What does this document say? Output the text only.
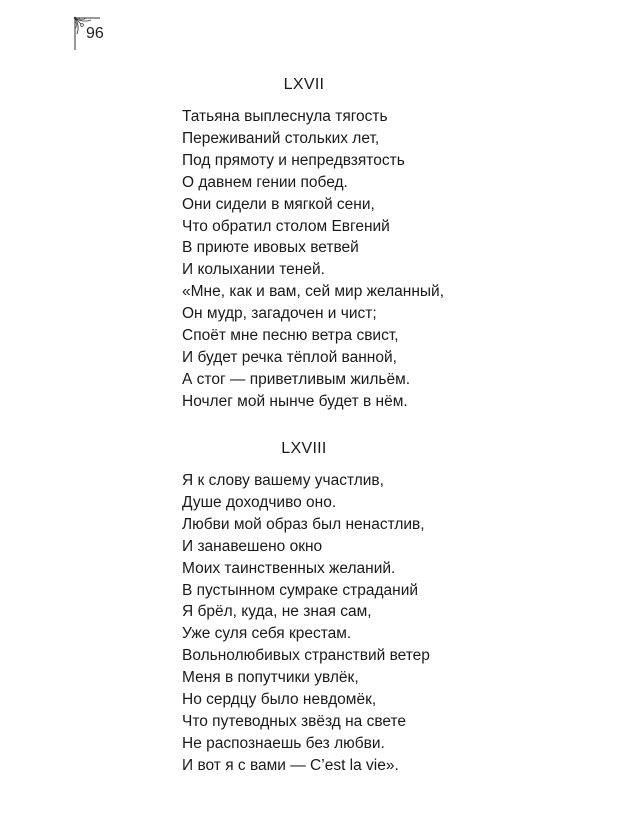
96
LXVII
Татьяна выплеснула тягость
Переживаний стольких лет,
Под прямоту и непредвзятость
О давнем гении побед.
Они сидели в мягкой сени,
Что обратил столом Евгений
В приюте ивовых ветвей
И колыхании теней.
«Мне, как и вам, сей мир желанный,
Он мудр, загадочен и чист;
Споёт мне песню ветра свист,
И будет речка тёплой ванной,
А стог — приветливым жильём.
Ночлег мой нынче будет в нём.
LXVIII
Я к слову вашему участлив,
Душе доходчиво оно.
Любви мой образ был ненастлив,
И занавешено окно
Моих таинственных желаний.
В пустынном сумраке страданий
Я брёл, куда, не зная сам,
Уже суля себя крестам.
Вольнолюбивых странствий ветер
Меня в попутчики увлёк,
Но сердцу было невдомёк,
Что путеводных звёзд на свете
Не распознаешь без любви.
И вот я с вами — C’est la vie».
